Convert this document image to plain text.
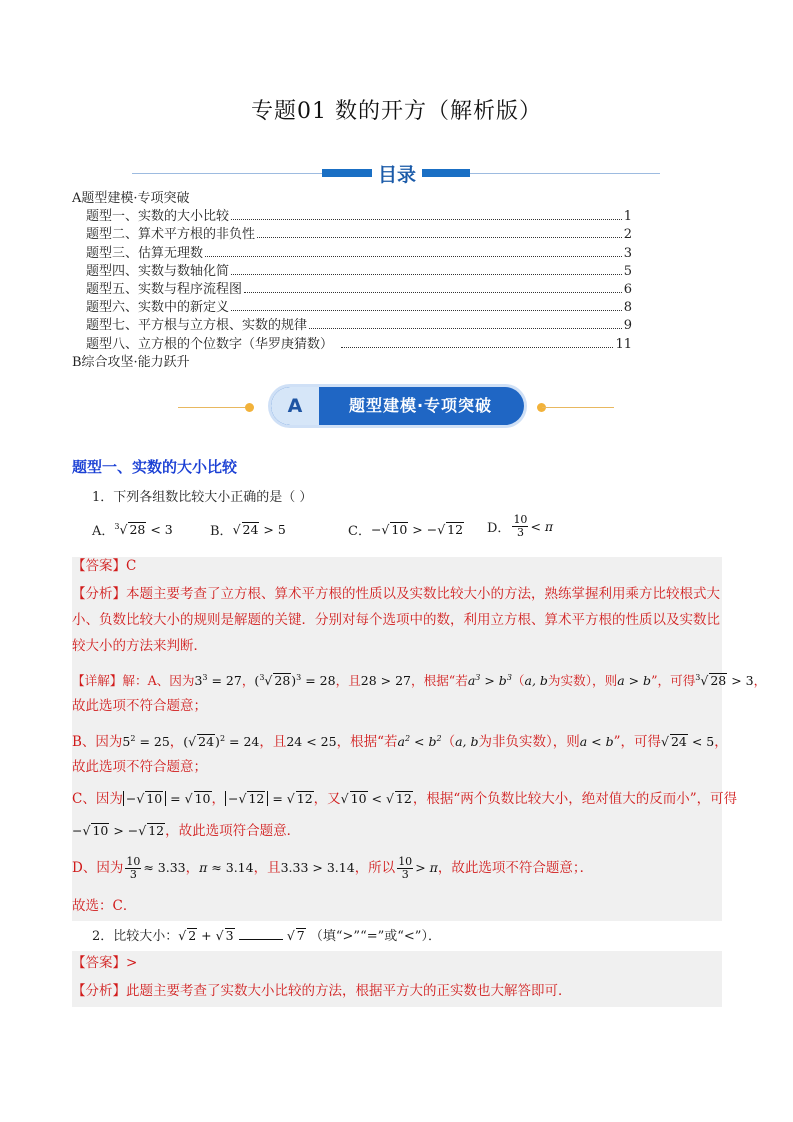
专题01 数的开方（解析版）
目录
A题型建模·专项突破
题型一、实数的大小比较	1
题型二、算术平方根的非负性	2
题型三、估算无理数	3
题型四、实数与数轴化简	5
题型五、实数与程序流程图	6
题型六、实数中的新定义	8
题型七、平方根与立方根、实数的规律	9
题型八、立方根的个位数字（华罗庚猜数）	11
B综合攻坚·能力跃升
A	题型建模·专项突破
题型一、实数的大小比较
1．下列各组数比较大小正确的是（ ）
A． $^3$√ 28 < 3	B． √ 24 > 5	C． −√ 10 > −√ 12 D． $\frac{10}{3} < \pi$
【答案】C
【分析】本题主要考查了立方根、算术平方根的性质以及实数比较大小的方法，熟练掌握利用乘方比较根式大小、负数比较大小的规则是解题的关键．分别对每个选项中的数，利用立方根、算术平方根的性质以及实数比较大小的方法来判断．
【详解】解：A、因为$3^3 = 27$，($^3$√ 28)$^3$ = 28，且28 > 27，根据“若$a^3 > b^3(a$, b为实数），则a > b”，可得$^3$√ 28 > 3，
故此选项不符合题意；
B、因为$5^2 = 25$，(√ 24)$^2$ = 24，且24 < 25，根据“若$a^2 < b^2(a$, b为非负实数），则a < b”，可得√ 24 < 5，
故此选项不符合题意；
C、因为 −√ 10 = √ 10， −√ 12 = √ 12，又√ 10 < √ 12，根据“两个负数比较大小，绝对值大的反而小”，可得
−√ 10 > −√ 12，故此选项符合题意．
D、因为 $\frac{10}{3} \approx 3.33$，π ≈ 3.14，且3.33 > 3.14，所以 $\frac{10}{3} > \pi$，故此选项不符合题意；．
故选：C．
2．比较大小：√ 2 + √ 3	√ 7 （填“>”“=”或“<”）．
【答案】>
【分析】此题主要考查了实数大小比较的方法，根据平方大的正实数也大解答即可．
